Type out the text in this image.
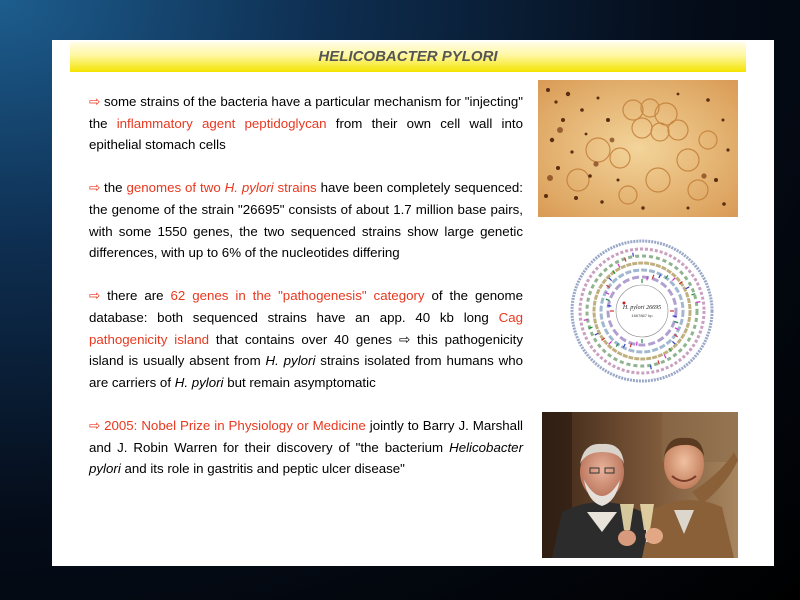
HELICOBACTER PYLORI

⇨ some strains of the bacteria have a particular mechanism for "injecting" the inflammatory agent peptidoglycan from their own cell wall into epithelial stomach cells

⇨ the genomes of two H. pylori strains have been completely sequenced: the genome of the strain "26695" consists of about 1.7 million base pairs, with some 1550 genes, the two sequenced strains show large genetic differences, with up to 6% of the nucleotides differing

⇨ there are 62 genes in the "pathogenesis" category of the genome database: both sequenced strains have an app. 40 kb long Cag pathogenicity island that contains over 40 genes ⇨ this pathogenicity island is usually absent from H. pylori strains isolated from humans who are carriers of H. pylori but remain asymptomatic

⇨ 2005: Nobel Prize in Physiology or Medicine jointly to Barry J. Marshall and J. Robin Warren for their discovery of "the bacterium Helicobacter pylori and its role in gastritis and peptic ulcer disease"

H. pylori 26695
1667867 bp
